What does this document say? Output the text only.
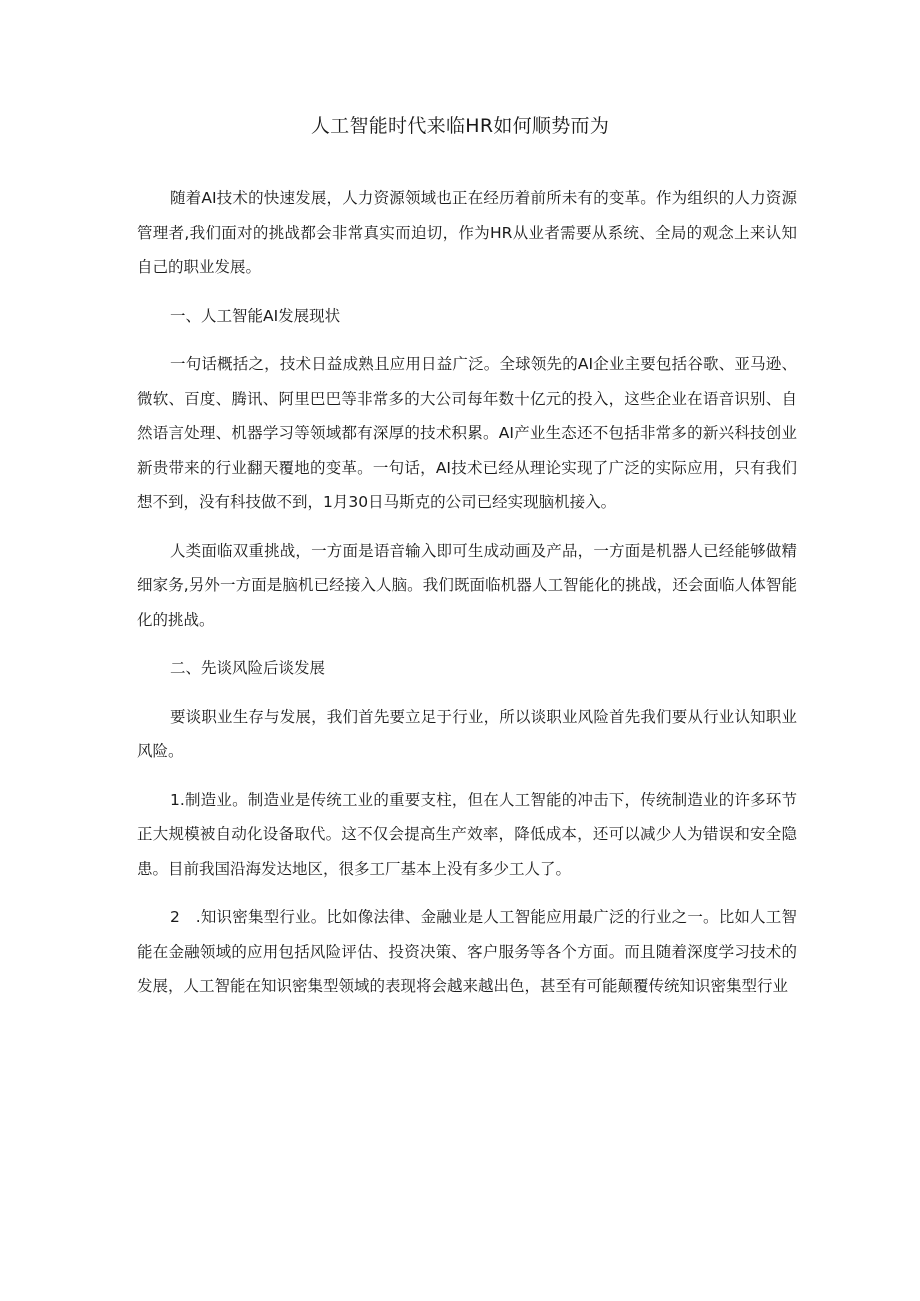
人工智能时代来临HR如何顺势而为

随着AI技术的快速发展，人力资源领域也正在经历着前所未有的变革。作为组织的人力资源管理者,我们面对的挑战都会非常真实而迫切，作为HR从业者需要从系统、全局的观念上来认知自己的职业发展。

一、人工智能AI发展现状

一句话概括之，技术日益成熟且应用日益广泛。全球领先的AI企业主要包括谷歌、亚马逊、微软、百度、腾讯、阿里巴巴等非常多的大公司每年数十亿元的投入，这些企业在语音识别、自然语言处理、机器学习等领域都有深厚的技术积累。AI产业生态还不包括非常多的新兴科技创业新贵带来的行业翻天覆地的变革。一句话，AI技术已经从理论实现了广泛的实际应用，只有我们想不到，没有科技做不到，1月30日马斯克的公司已经实现脑机接入。

人类面临双重挑战，一方面是语音输入即可生成动画及产品，一方面是机器人已经能够做精细家务,另外一方面是脑机已经接入人脑。我们既面临机器人工智能化的挑战，还会面临人体智能化的挑战。

二、先谈风险后谈发展

要谈职业生存与发展，我们首先要立足于行业，所以谈职业风险首先我们要从行业认知职业风险。

1.制造业。制造业是传统工业的重要支柱，但在人工智能的冲击下，传统制造业的许多环节正大规模被自动化设备取代。这不仅会提高生产效率，降低成本，还可以减少人为错误和安全隐患。目前我国沿海发达地区，很多工厂基本上没有多少工人了。

2　.知识密集型行业。比如像法律、金融业是人工智能应用最广泛的行业之一。比如人工智能在金融领域的应用包括风险评估、投资决策、客户服务等各个方面。而且随着深度学习技术的发展，人工智能在知识密集型领域的表现将会越来越出色，甚至有可能颠覆传统知识密集型行业
